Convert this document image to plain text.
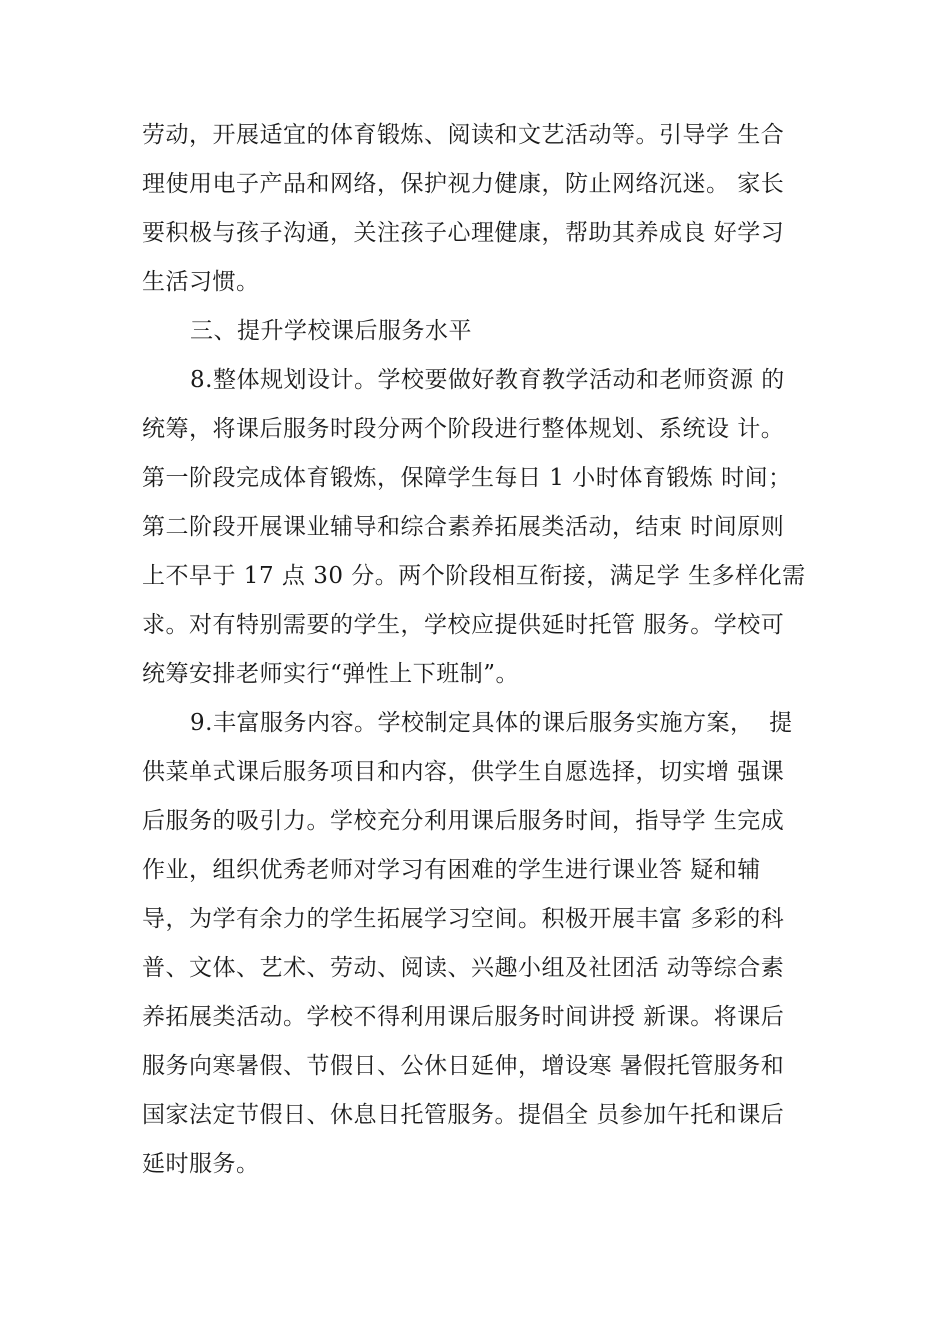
劳动，开展适宜的体育锻炼、阅读和文艺活动等。引导学 生合
理使用电子产品和网络，保护视力健康，防止网络沉迷。 家长
要积极与孩子沟通，关注孩子心理健康，帮助其养成良 好学习
生活习惯。
三、提升学校课后服务水平
8.整体规划设计。学校要做好教育教学活动和老师资源 的
统筹，将课后服务时段分两个阶段进行整体规划、系统设 计。
第一阶段完成体育锻炼，保障学生每日 1 小时体育锻炼 时间；
第二阶段开展课业辅导和综合素养拓展类活动，结束 时间原则
上不早于 17 点 30 分。两个阶段相互衔接，满足学 生多样化需
求。对有特别需要的学生，学校应提供延时托管 服务。学校可
统筹安排老师实行“弹性上下班制”。
9.丰富服务内容。学校制定具体的课后服务实施方案，  提
供菜单式课后服务项目和内容，供学生自愿选择，切实增 强课
后服务的吸引力。学校充分利用课后服务时间，指导学 生完成
作业，组织优秀老师对学习有困难的学生进行课业答 疑和辅
导，为学有余力的学生拓展学习空间。积极开展丰富 多彩的科
普、文体、艺术、劳动、阅读、兴趣小组及社团活 动等综合素
养拓展类活动。学校不得利用课后服务时间讲授 新课。将课后
服务向寒暑假、节假日、公休日延伸，增设寒 暑假托管服务和
国家法定节假日、休息日托管服务。提倡全 员参加午托和课后
延时服务。
